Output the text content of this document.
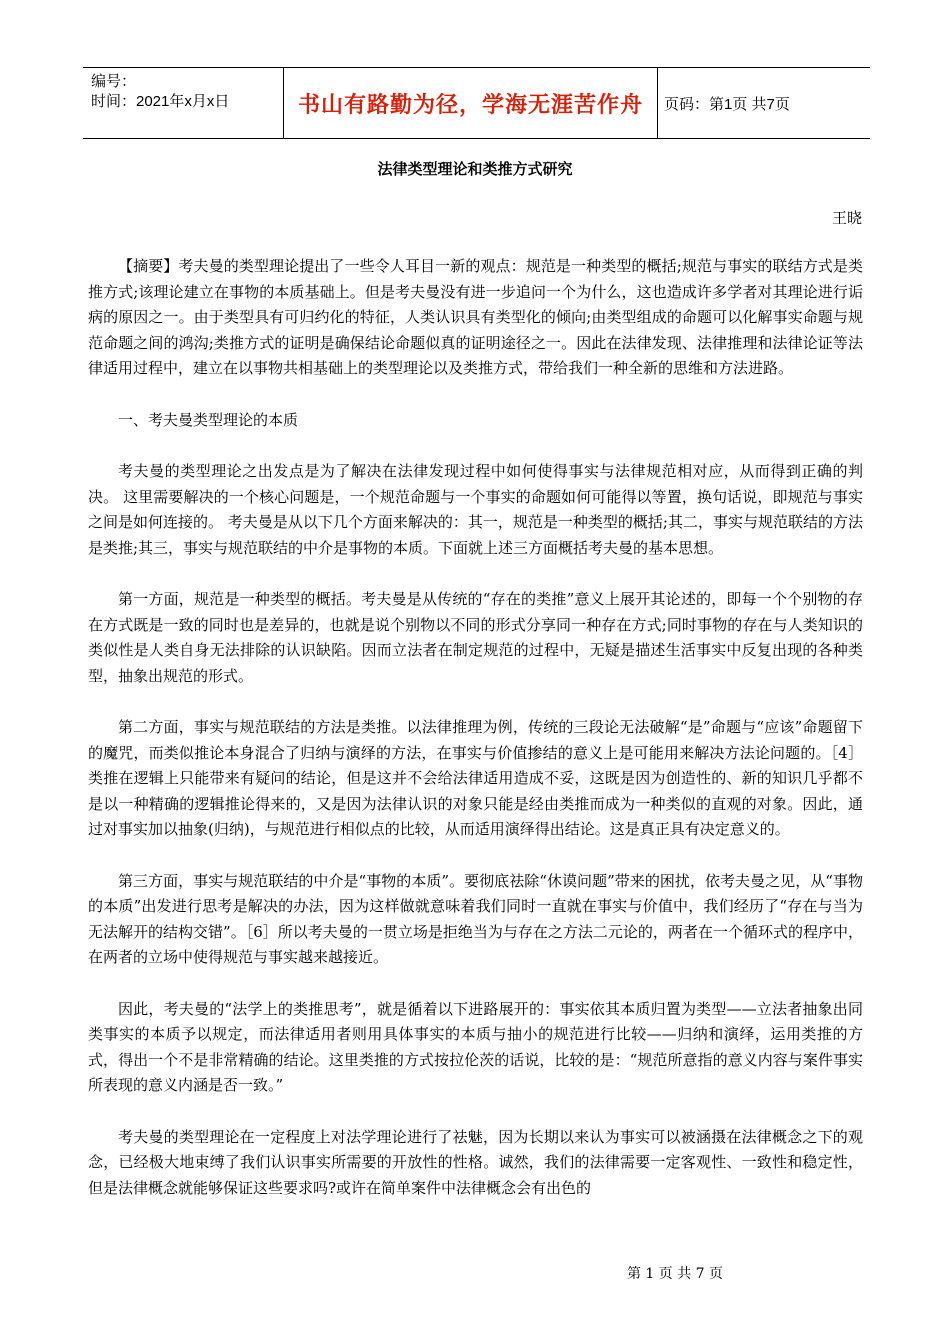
编号：
时间：2021年x月x日	书山有路勤为径，学海无涯苦作舟	页码：第1页 共7页
法律类型理论和类推方式研究
王晓

【摘要】考夫曼的类型理论提出了一些令人耳目一新的观点：规范是一种类型的概括;规范与事实的联结方式是类推方式;该理论建立在事物的本质基础上。但是考夫曼没有进一步追问一个为什么，这也造成许多学者对其理论进行诟病的原因之一。由于类型具有可归约化的特征，人类认识具有类型化的倾向;由类型组成的命题可以化解事实命题与规范命题之间的鸿沟;类推方式的证明是确保结论命题似真的证明途径之一。因此在法律发现、法律推理和法律论证等法律适用过程中，建立在以事物共相基础上的类型理论以及类推方式，带给我们一种全新的思维和方法进路。

一、考夫曼类型理论的本质

考夫曼的类型理论之出发点是为了解决在法律发现过程中如何使得事实与法律规范相对应，从而得到正确的判决。 这里需要解决的一个核心问题是，一个规范命题与一个事实的命题如何可能得以等置，换句话说，即规范与事实之间是如何连接的。 考夫曼是从以下几个方面来解决的：其一，规范是一种类型的概括;其二，事实与规范联结的方法是类推;其三，事实与规范联结的中介是事物的本质。下面就上述三方面概括考夫曼的基本思想。

第一方面，规范是一种类型的概括。考夫曼是从传统的“存在的类推”意义上展开其论述的，即每一个个别物的存在方式既是一致的同时也是差异的，也就是说个别物以不同的形式分享同一种存在方式;同时事物的存在与人类知识的类似性是人类自身无法排除的认识缺陷。因而立法者在制定规范的过程中，无疑是描述生活事实中反复出现的各种类型，抽象出规范的形式。

第二方面，事实与规范联结的方法是类推。以法律推理为例，传统的三段论无法破解“是”命题与“应该”命题留下的魔咒，而类似推论本身混合了归纳与演绎的方法，在事实与价值掺结的意义上是可能用来解决方法论问题的。［4］类推在逻辑上只能带来有疑问的结论，但是这并不会给法律适用造成不妥，这既是因为创造性的、新的知识几乎都不是以一种精确的逻辑推论得来的，又是因为法律认识的对象只能是经由类推而成为一种类似的直观的对象。因此，通过对事实加以抽象(归纳)，与规范进行相似点的比较，从而适用演绎得出结论。这是真正具有决定意义的。

第三方面，事实与规范联结的中介是“事物的本质”。要彻底祛除“休谟问题”带来的困扰，依考夫曼之见，从“事物的本质”出发进行思考是解决的办法，因为这样做就意味着我们同时一直就在事实与价值中，我们经历了“存在与当为无法解开的结构交错”。［6］所以考夫曼的一贯立场是拒绝当为与存在之方法二元论的，两者在一个循环式的程序中，在两者的立场中使得规范与事实越来越接近。

因此，考夫曼的“法学上的类推思考”，就是循着以下进路展开的：事实依其本质归置为类型——立法者抽象出同类事实的本质予以规定，而法律适用者则用具体事实的本质与抽小的规范进行比较——归纳和演绎，运用类推的方式，得出一个不是非常精确的结论。这里类推的方式按拉伦茨的话说，比较的是：“规范所意指的意义内容与案件事实所表现的意义内涵是否一致。”

考夫曼的类型理论在一定程度上对法学理论进行了祛魅，因为长期以来认为事实可以被涵摄在法律概念之下的观念，已经极大地束缚了我们认识事实所需要的开放性的性格。诚然，我们的法律需要一定客观性、一致性和稳定性，但是法律概念就能够保证这些要求吗?或许在简单案件中法律概念会有出色的

第 1 页 共 7 页
